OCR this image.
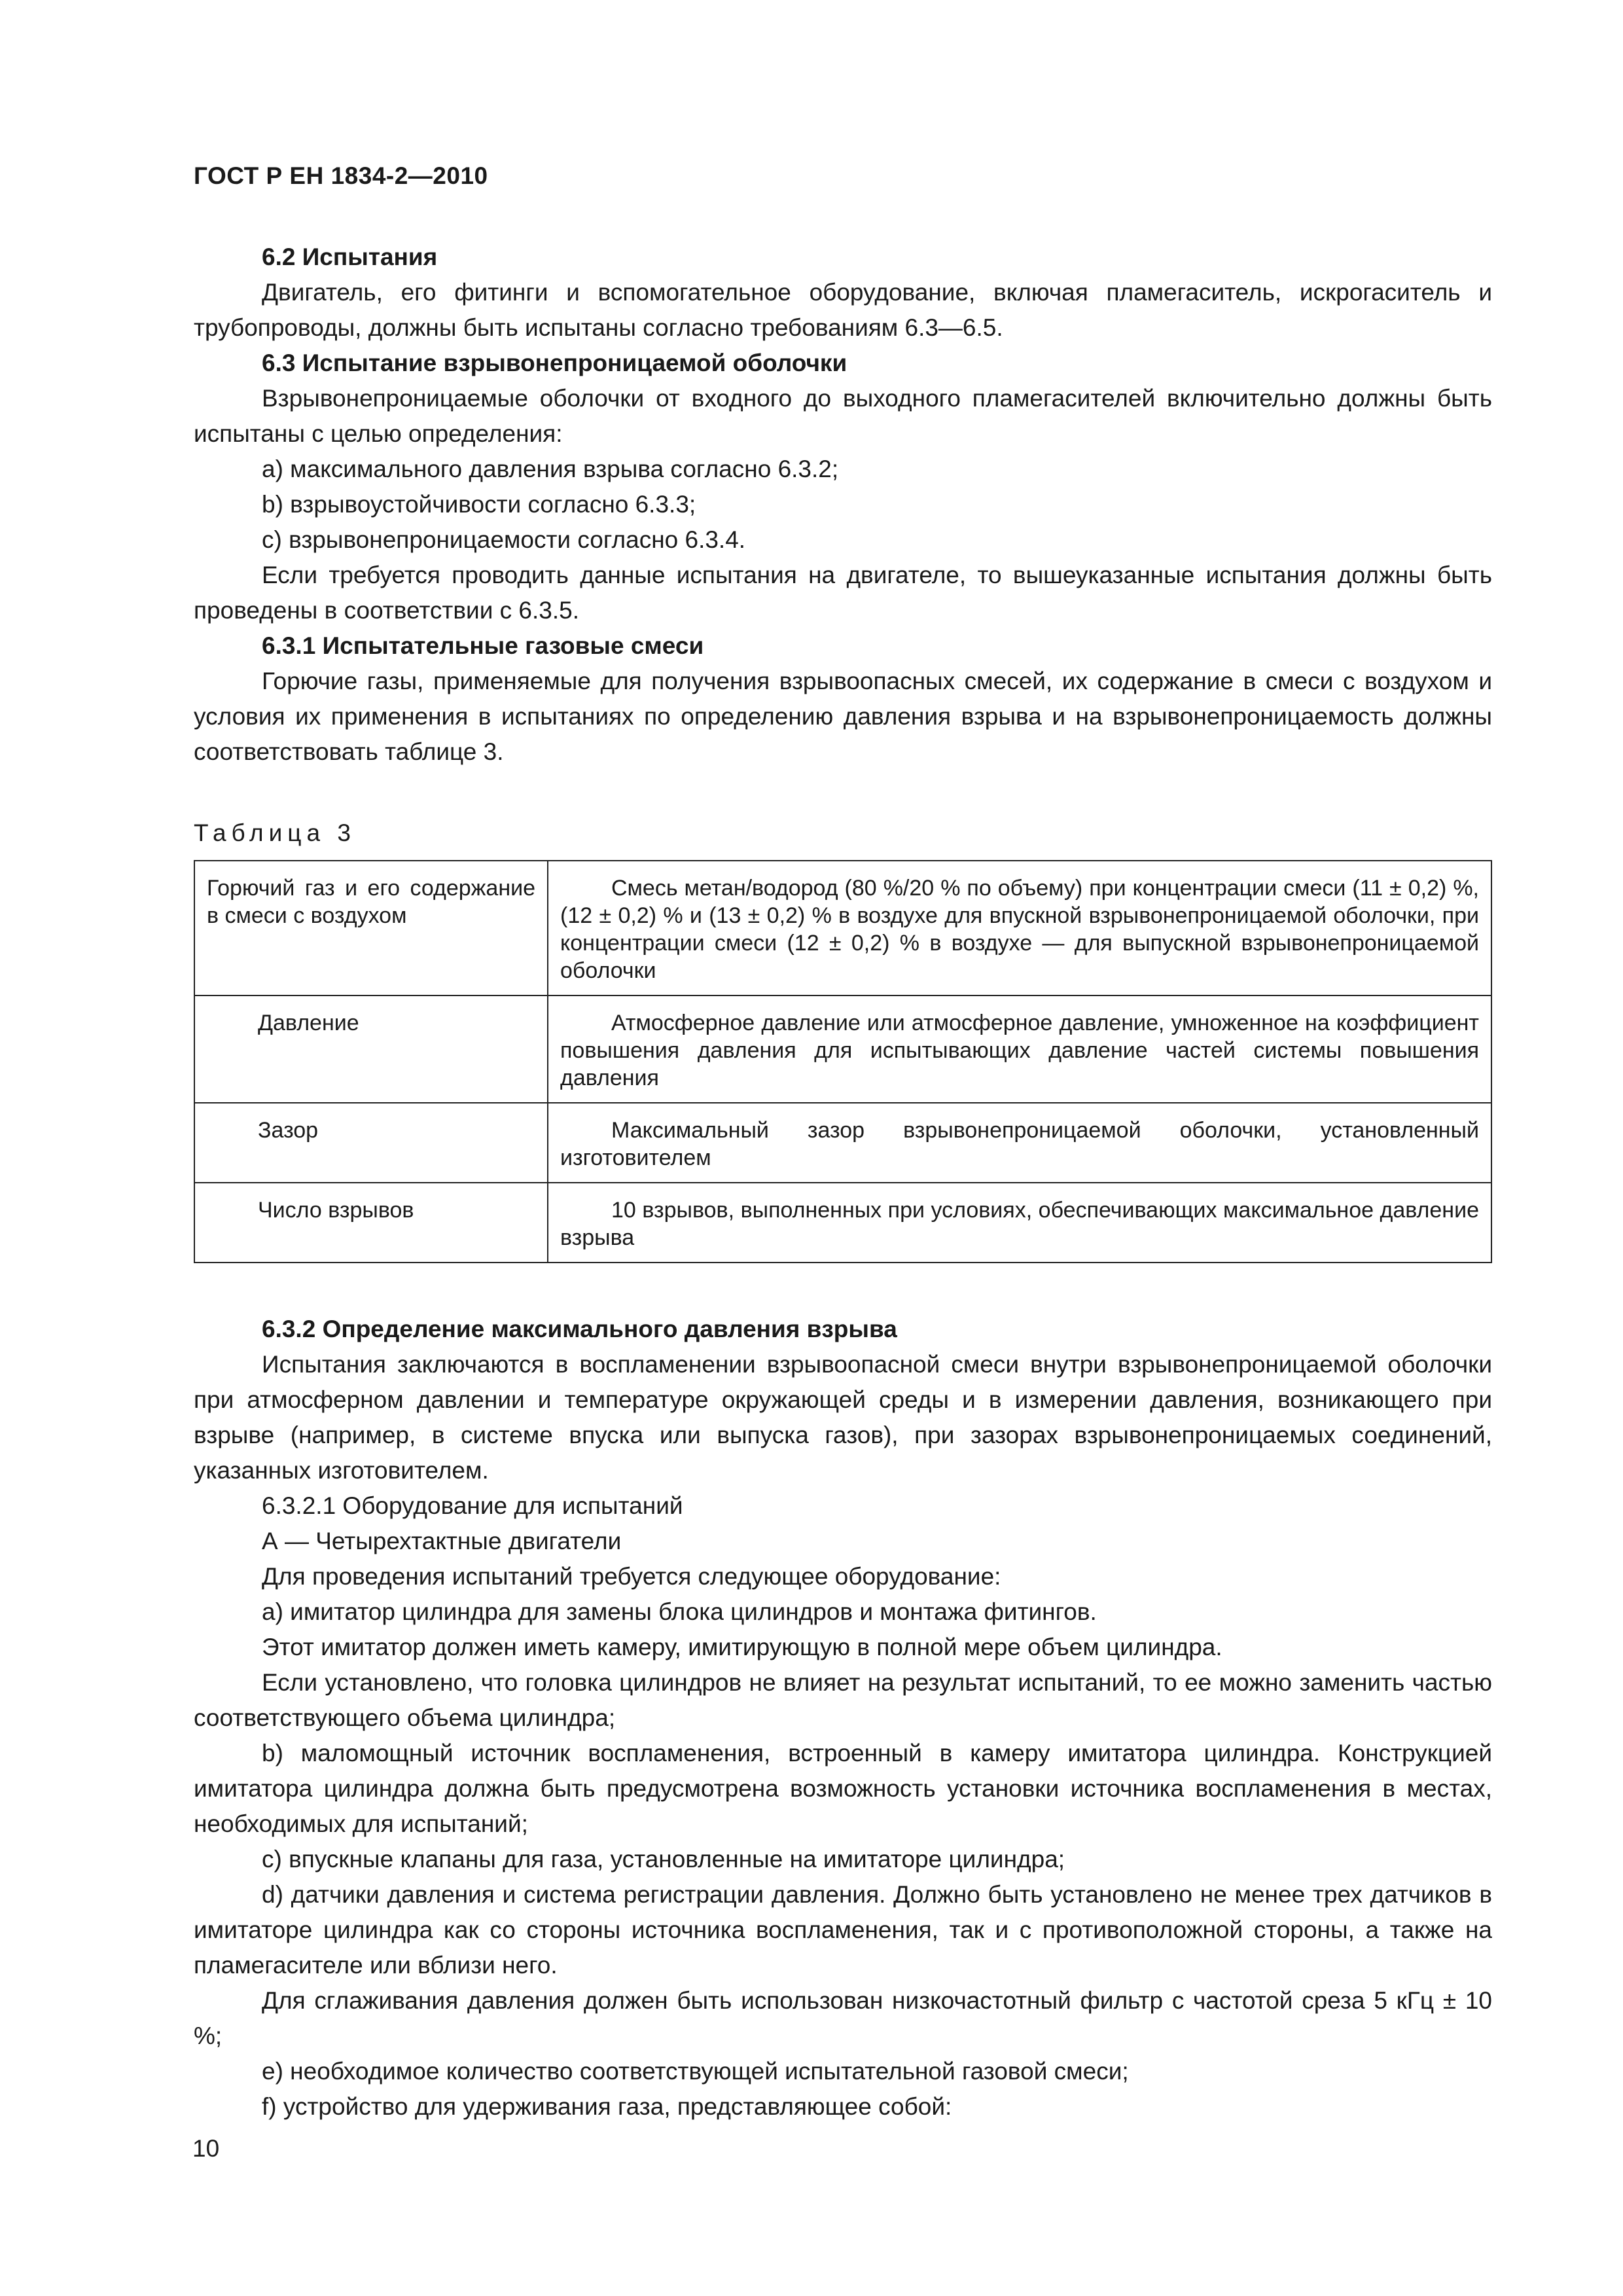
ГОСТ Р ЕН 1834-2—2010

6.2 Испытания

Двигатель, его фитинги и вспомогательное оборудование, включая пламегаситель, искрогаситель и трубопроводы, должны быть испытаны согласно требованиям 6.3—6.5.

6.3 Испытание взрывонепроницаемой оболочки

Взрывонепроницаемые оболочки от входного до выходного пламегасителей включительно должны быть испытаны с целью определения:

a) максимального давления взрыва согласно 6.3.2;

b) взрывоустойчивости согласно 6.3.3;

c) взрывонепроницаемости согласно 6.3.4.

Если требуется проводить данные испытания на двигателе, то вышеуказанные испытания должны быть проведены в соответствии с 6.3.5.

6.3.1 Испытательные газовые смеси

Горючие газы, применяемые для получения взрывоопасных смесей, их содержание в смеси с воздухом и условия их применения в испытаниях по определению давления взрыва и на взрывонепроницаемость должны соответствовать таблице 3.

Таблица 3

Горючий газ и его содержание в смеси с воздухом	Смесь метан/водород (80 %/20 % по объему) при концентрации смеси (11 ± 0,2) %, (12 ± 0,2) % и (13 ± 0,2) % в воздухе для впускной взрывонепроницаемой оболочки, при концентрации смеси (12 ± 0,2) % в воздухе — для выпускной взрывонепроницаемой оболочки
Давление	Атмосферное давление или атмосферное давление, умноженное на коэффициент повышения давления для испытывающих давление частей системы повышения давления
Зазор	Максимальный зазор взрывонепроницаемой оболочки, установленный изготовителем
Число взрывов	10 взрывов, выполненных при условиях, обеспечивающих максимальное давление взрыва

6.3.2 Определение максимального давления взрыва

Испытания заключаются в воспламенении взрывоопасной смеси внутри взрывонепроницаемой оболочки при атмосферном давлении и температуре окружающей среды и в измерении давления, возникающего при взрыве (например, в системе впуска или выпуска газов), при зазорах взрывонепроницаемых соединений, указанных изготовителем.

6.3.2.1 Оборудование для испытаний

А — Четырехтактные двигатели

Для проведения испытаний требуется следующее оборудование:

a) имитатор цилиндра для замены блока цилиндров и монтажа фитингов.

Этот имитатор должен иметь камеру, имитирующую в полной мере объем цилиндра.

Если установлено, что головка цилиндров не влияет на результат испытаний, то ее можно заменить частью соответствующего объема цилиндра;

b) маломощный источник воспламенения, встроенный в камеру имитатора цилиндра. Конструкцией имитатора цилиндра должна быть предусмотрена возможность установки источника воспламенения в местах, необходимых для испытаний;

c) впускные клапаны для газа, установленные на имитаторе цилиндра;

d) датчики давления и система регистрации давления. Должно быть установлено не менее трех датчиков в имитаторе цилиндра как со стороны источника воспламенения, так и с противоположной стороны, а также на пламегасителе или вблизи него.

Для сглаживания давления должен быть использован низкочастотный фильтр с частотой среза 5 кГц ± 10 %;

e) необходимое количество соответствующей испытательной газовой смеси;

f) устройство для удерживания газа, представляющее собой:

10
